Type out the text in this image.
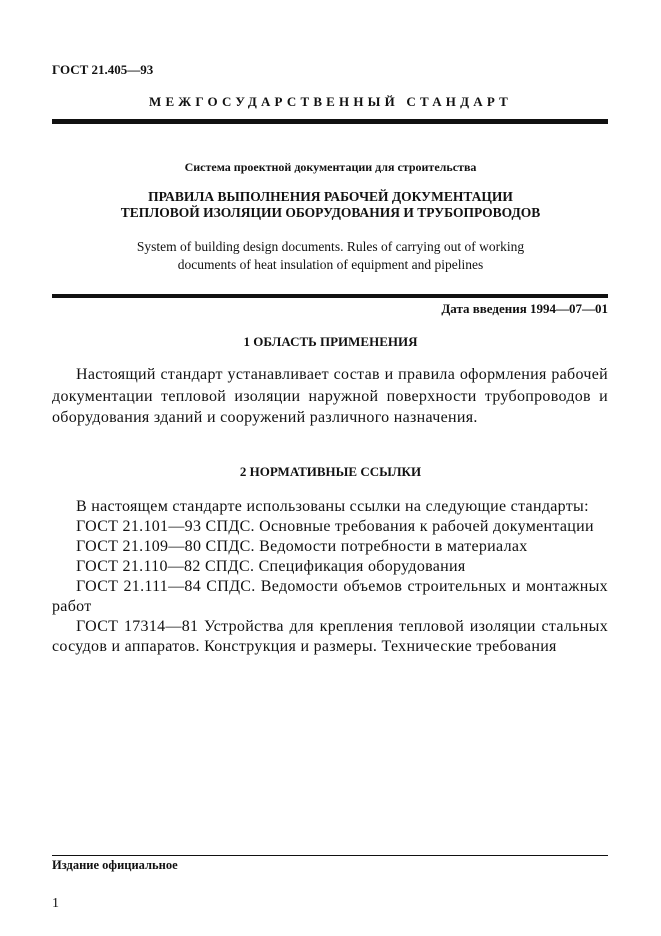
ГОСТ 21.405—93
МЕЖГОСУДАРСТВЕННЫЙ СТАНДАРТ
Система проектной документации для строительства
ПРАВИЛА ВЫПОЛНЕНИЯ РАБОЧЕЙ ДОКУМЕНТАЦИИ
ТЕПЛОВОЙ ИЗОЛЯЦИИ ОБОРУДОВАНИЯ И ТРУБОПРОВОДОВ
System of building design documents. Rules of carrying out of working
documents of heat insulation of equipment and pipelines
Дата введения 1994—07—01
1 ОБЛАСТЬ ПРИМЕНЕНИЯ

Настоящий стандарт устанавливает состав и правила оформления рабочей документации тепловой изоляции наружной поверхности трубопроводов и оборудования зданий и сооружений различного назначения.

2 НОРМАТИВНЫЕ ССЫЛКИ

В настоящем стандарте использованы ссылки на следующие стандарты:

ГОСТ 21.101—93 СПДС. Основные требования к рабочей документации

ГОСТ 21.109—80 СПДС. Ведомости потребности в материалах

ГОСТ 21.110—82 СПДС. Спецификация оборудования

ГОСТ 21.111—84 СПДС. Ведомости объемов строительных и монтажных работ

ГОСТ 17314—81 Устройства для крепления тепловой изоляции стальных сосудов и аппаратов. Конструкция и размеры. Технические требования

Издание официальное
1
